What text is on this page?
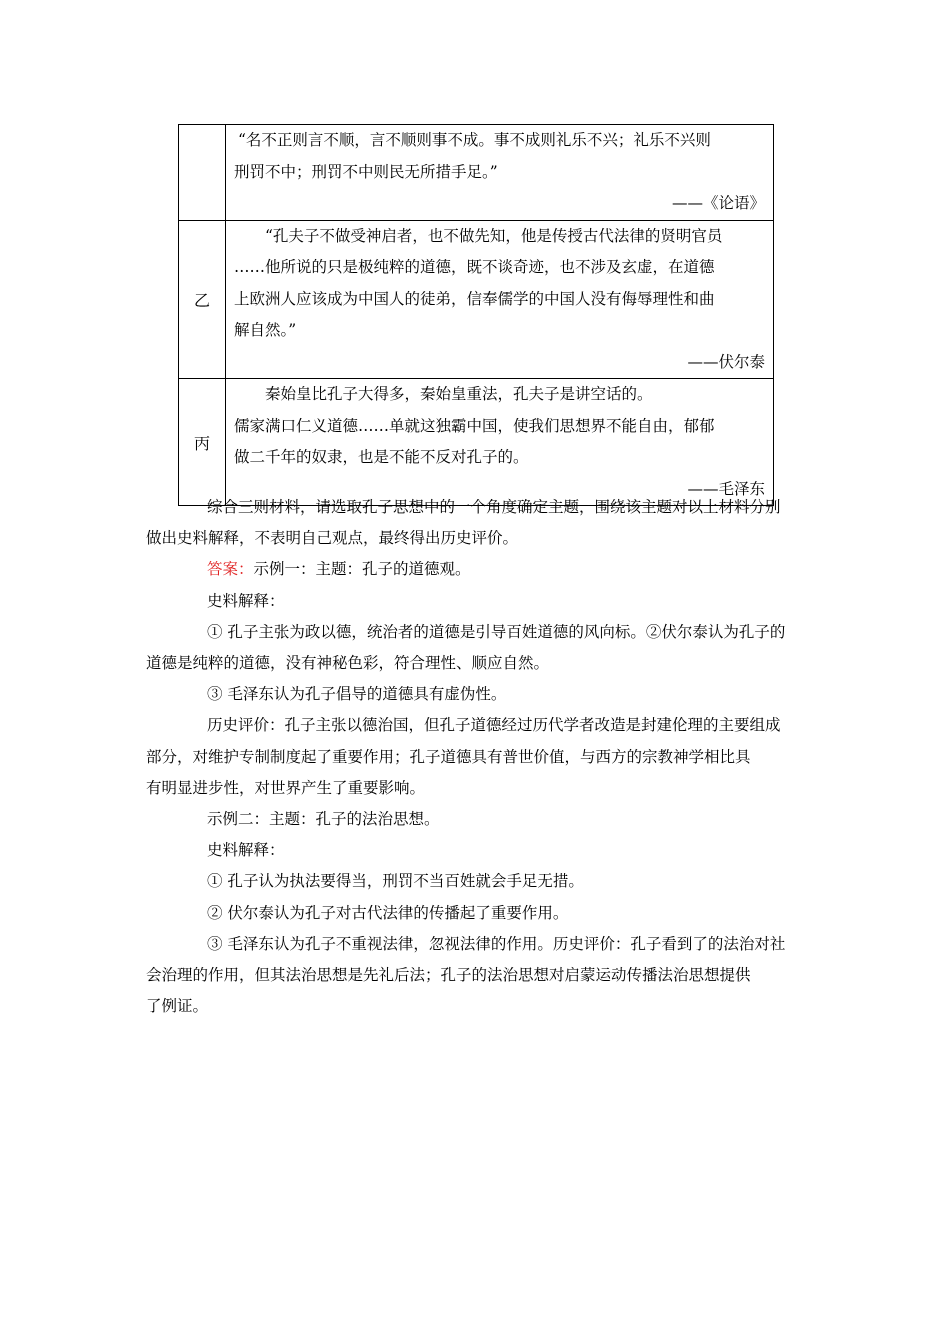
	“名不正则言不顺，言不顺则事不成。事不成则礼乐不兴；礼乐不兴则
刑罚不中；刑罚不中则民无所措手足。”
——《论语》

乙	“孔夫子不做受神启者，也不做先知，他是传授古代法律的贤明官员
……他所说的只是极纯粹的道德，既不谈奇迹，也不涉及玄虚，在道德
上欧洲人应该成为中国人的徒弟，信奉儒学的中国人没有侮辱理性和曲
解自然。”
——伏尔泰

丙	秦始皇比孔子大得多，秦始皇重法，孔夫子是讲空话的。
儒家满口仁义道德……单就这独霸中国，使我们思想界不能自由，郁郁
做二千年的奴隶，也是不能不反对孔子的。
——毛泽东
综合三则材料，请选取孔子思想中的一个角度确定主题，围绕该主题对以上材料分别
做出史料解释，不表明自己观点，最终得出历史评价。
答案：示例一：主题：孔子的道德观。
史料解释：
① 孔子主张为政以德，统治者的道德是引导百姓道德的风向标。②伏尔泰认为孔子的
道德是纯粹的道德，没有神秘色彩，符合理性、顺应自然。
③ 毛泽东认为孔子倡导的道德具有虚伪性。
历史评价：孔子主张以德治国，但孔子道德经过历代学者改造是封建伦理的主要组成
部分，对维护专制制度起了重要作用；孔子道德具有普世价值，与西方的宗教神学相比具
有明显进步性，对世界产生了重要影响。
示例二：主题：孔子的法治思想。
史料解释：
① 孔子认为执法要得当，刑罚不当百姓就会手足无措。
② 伏尔泰认为孔子对古代法律的传播起了重要作用。
③ 毛泽东认为孔子不重视法律，忽视法律的作用。历史评价：孔子看到了的法治对社
会治理的作用，但其法治思想是先礼后法；孔子的法治思想对启蒙运动传播法治思想提供
了例证。
